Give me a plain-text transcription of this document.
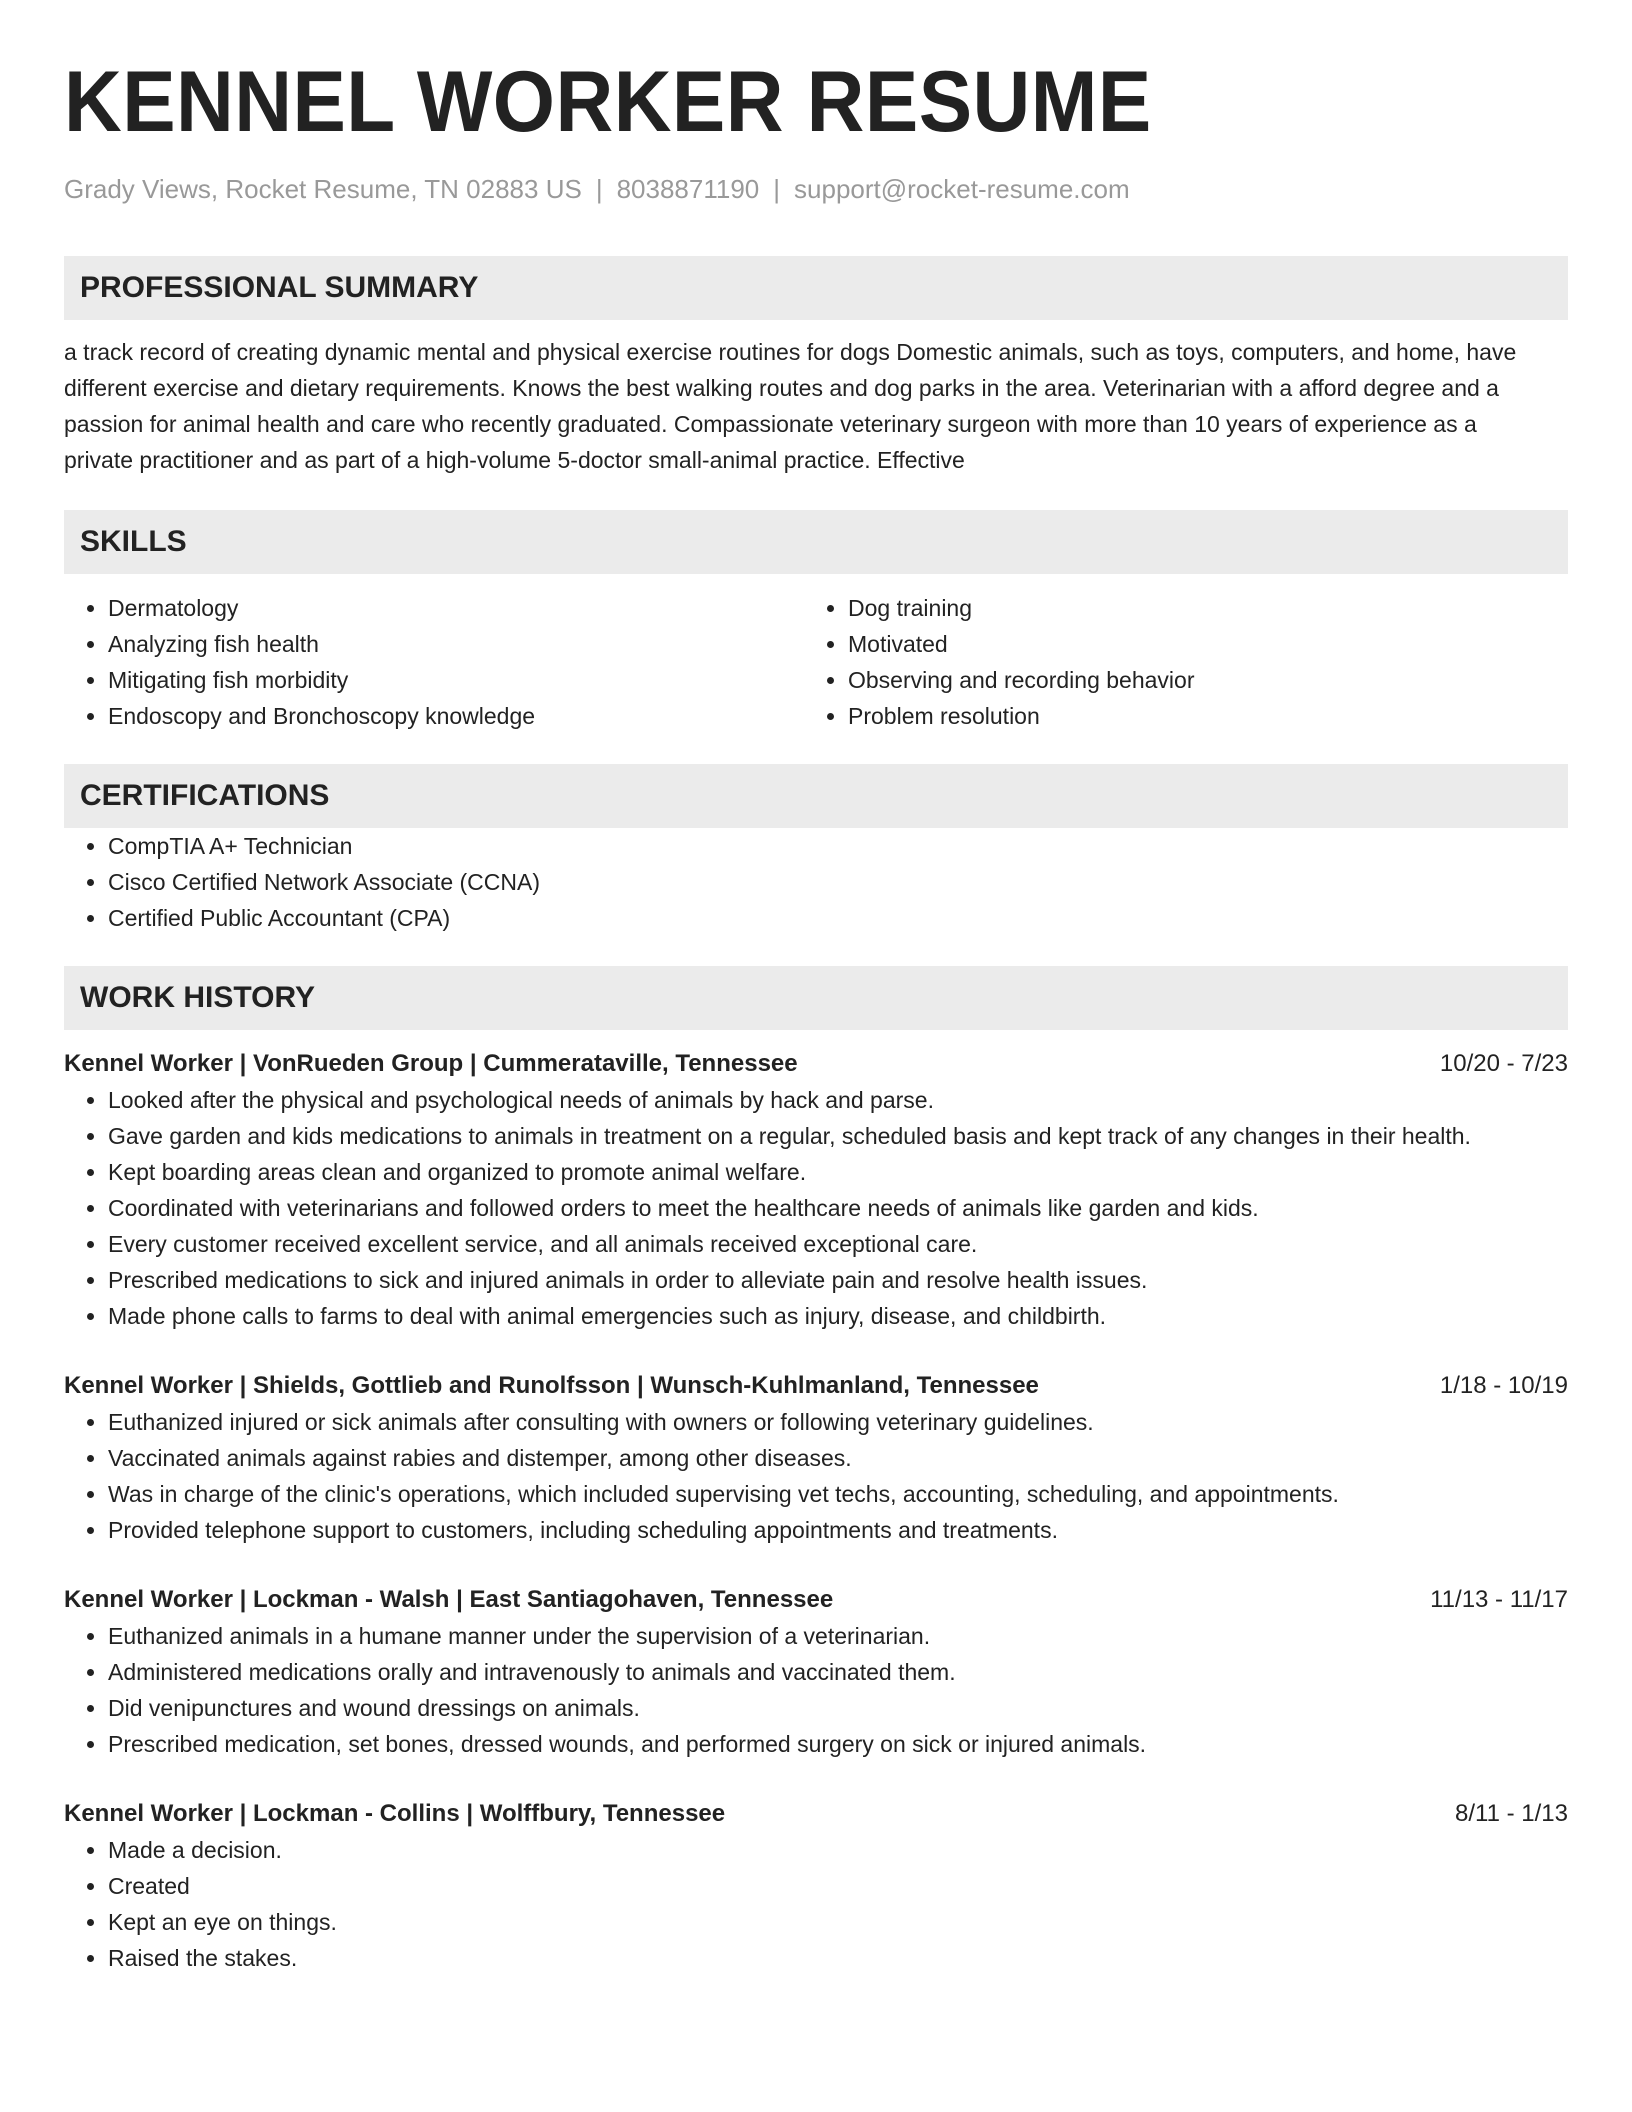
KENNEL WORKER RESUME
Grady Views, Rocket Resume, TN 02883 US | 8038871190 | support@rocket-resume.com
PROFESSIONAL SUMMARY
a track record of creating dynamic mental and physical exercise routines for dogs Domestic animals, such as toys, computers, and home, have different exercise and dietary requirements. Knows the best walking routes and dog parks in the area. Veterinarian with a afford degree and a passion for animal health and care who recently graduated. Compassionate veterinary surgeon with more than 10 years of experience as a private practitioner and as part of a high-volume 5-doctor small-animal practice. Effective
SKILLS
• Dermatology
• Analyzing fish health
• Mitigating fish morbidity
• Endoscopy and Bronchoscopy knowledge
• Dog training
• Motivated
• Observing and recording behavior
• Problem resolution
CERTIFICATIONS
• CompTIA A+ Technician
• Cisco Certified Network Associate (CCNA)
• Certified Public Accountant (CPA)
WORK HISTORY
Kennel Worker | VonRueden Group | Cummerataville, Tennessee	10/20 - 7/23
• Looked after the physical and psychological needs of animals by hack and parse.
• Gave garden and kids medications to animals in treatment on a regular, scheduled basis and kept track of any changes in their health.
• Kept boarding areas clean and organized to promote animal welfare.
• Coordinated with veterinarians and followed orders to meet the healthcare needs of animals like garden and kids.
• Every customer received excellent service, and all animals received exceptional care.
• Prescribed medications to sick and injured animals in order to alleviate pain and resolve health issues.
• Made phone calls to farms to deal with animal emergencies such as injury, disease, and childbirth.
Kennel Worker | Shields, Gottlieb and Runolfsson | Wunsch-Kuhlmanland, Tennessee	1/18 - 10/19
• Euthanized injured or sick animals after consulting with owners or following veterinary guidelines.
• Vaccinated animals against rabies and distemper, among other diseases.
• Was in charge of the clinic's operations, which included supervising vet techs, accounting, scheduling, and appointments.
• Provided telephone support to customers, including scheduling appointments and treatments.
Kennel Worker | Lockman - Walsh | East Santiagohaven, Tennessee	11/13 - 11/17
• Euthanized animals in a humane manner under the supervision of a veterinarian.
• Administered medications orally and intravenously to animals and vaccinated them.
• Did venipunctures and wound dressings on animals.
• Prescribed medication, set bones, dressed wounds, and performed surgery on sick or injured animals.
Kennel Worker | Lockman - Collins | Wolffbury, Tennessee	8/11 - 1/13
• Made a decision.
• Created
• Kept an eye on things.
• Raised the stakes.
